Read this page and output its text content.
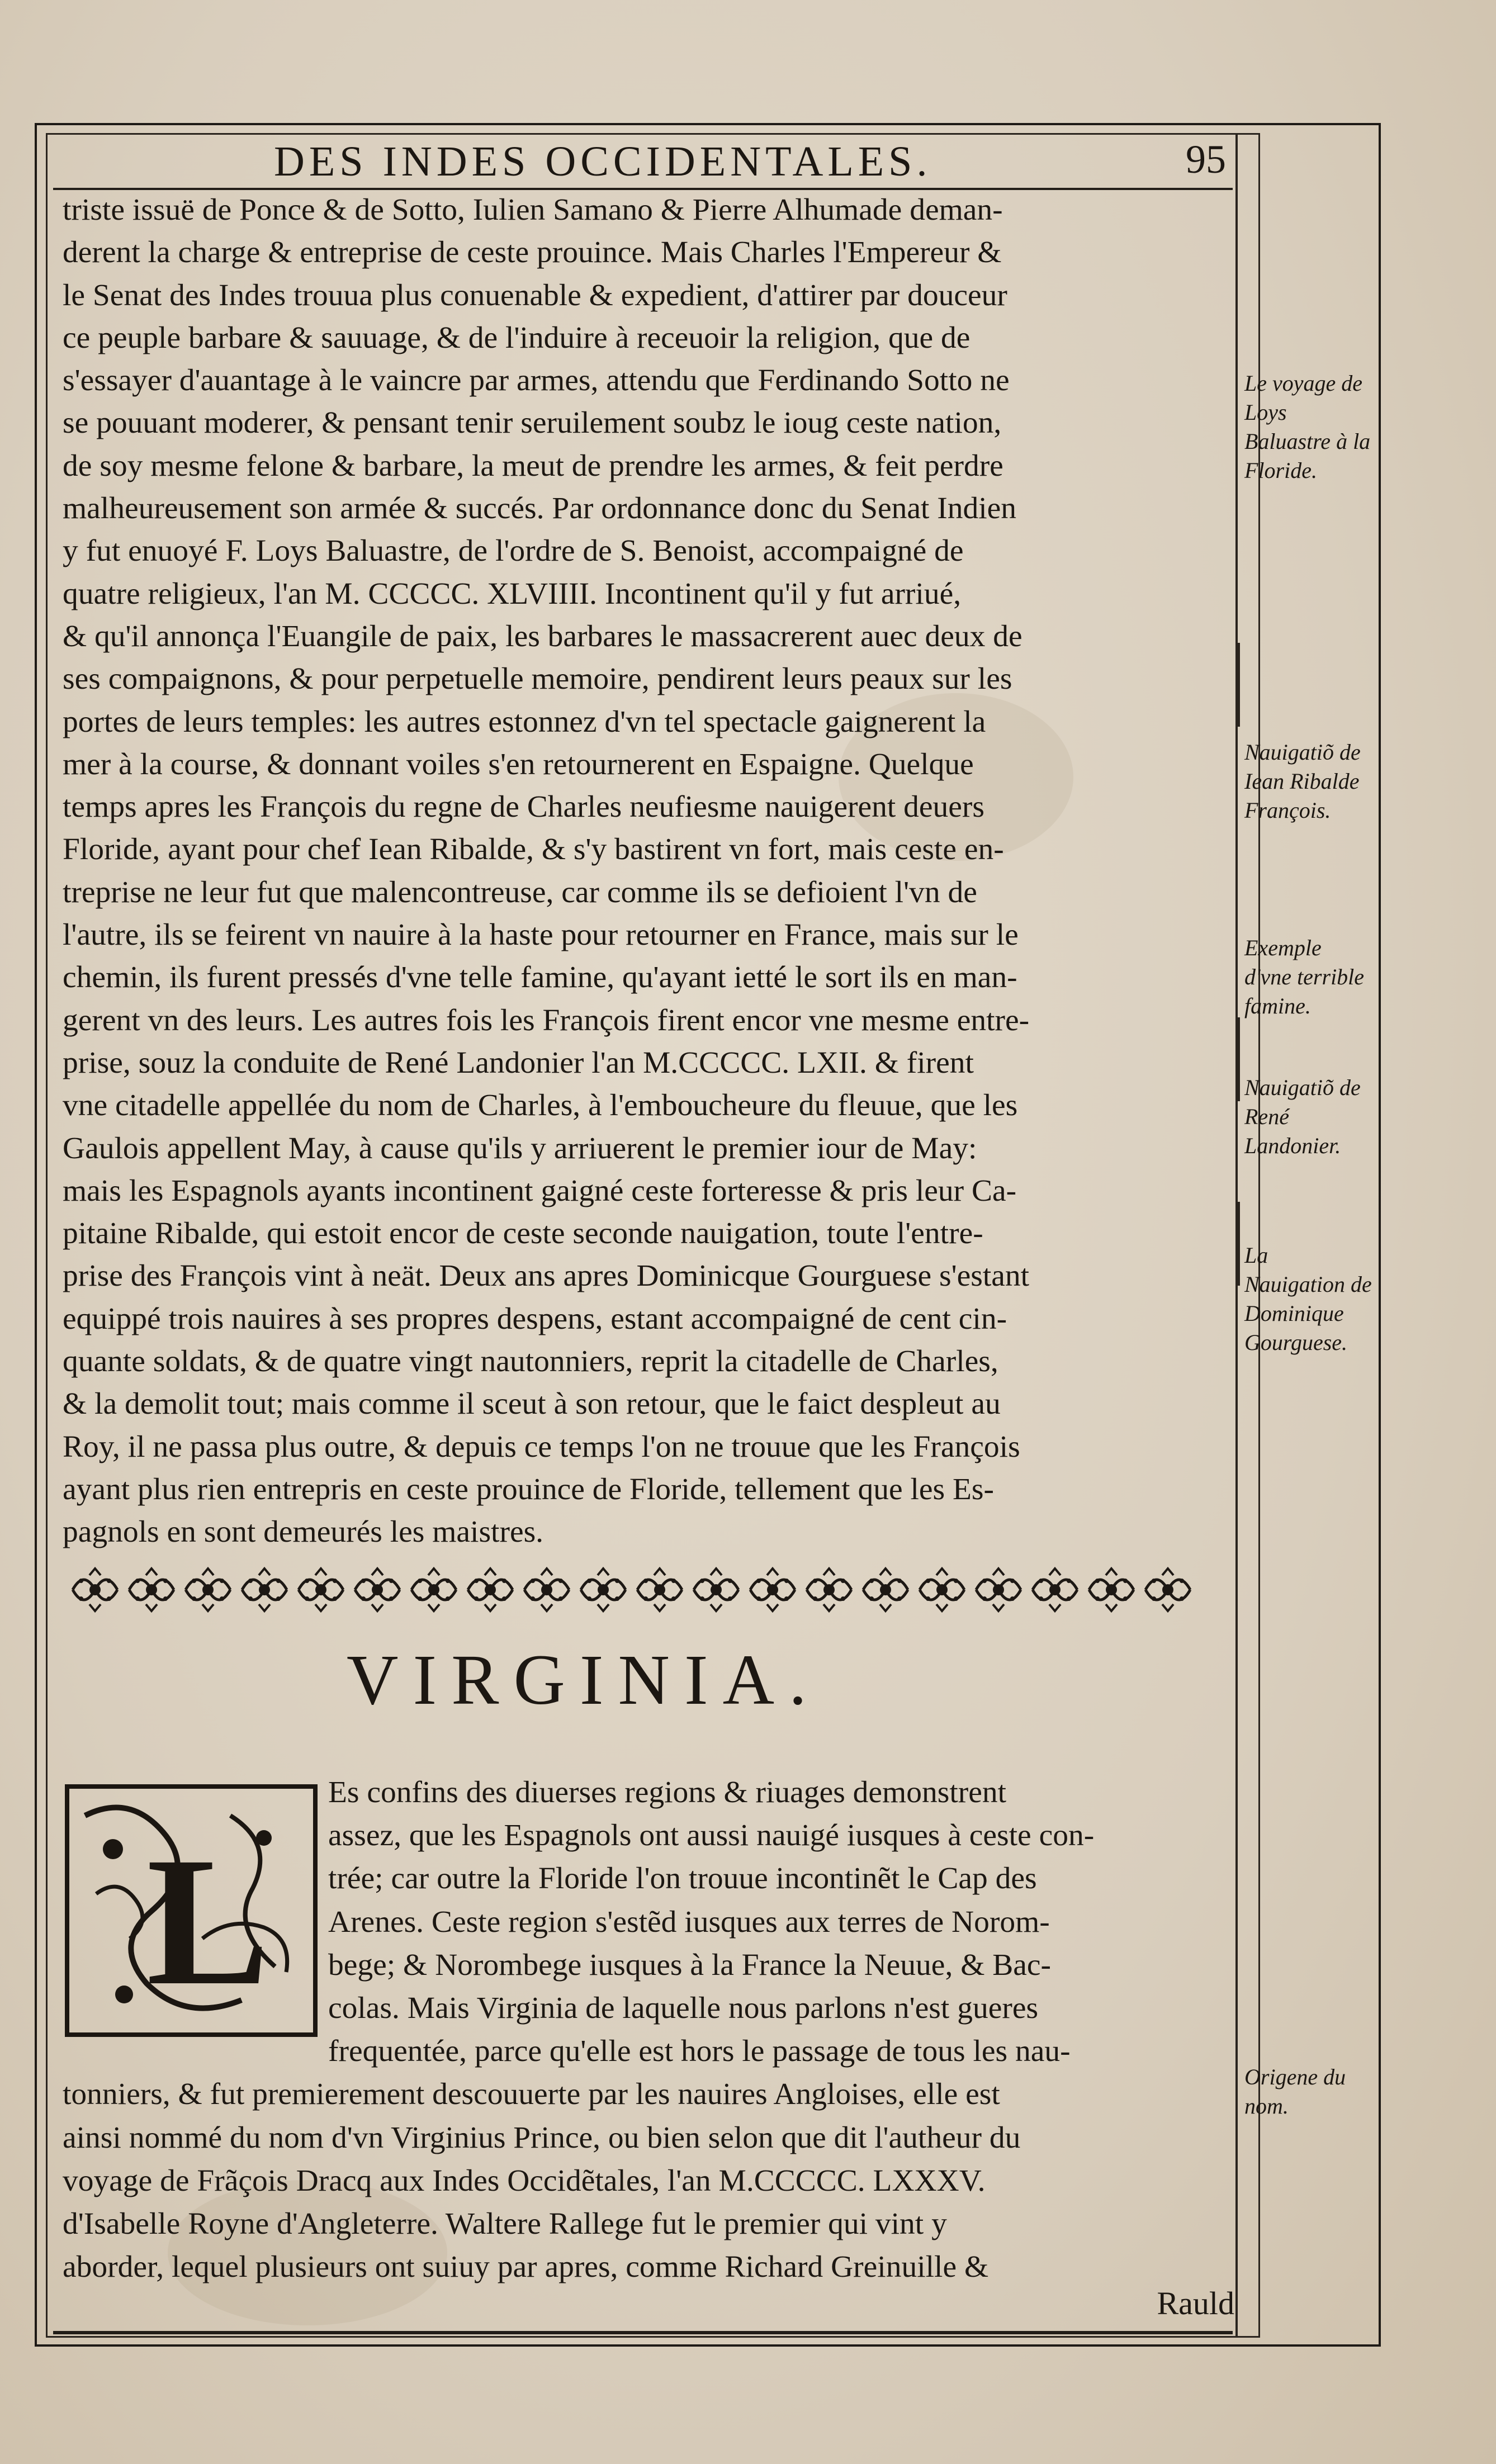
DES INDES OCCIDENTALES.	95

triste issuë de Ponce & de Sotto, Iulien Samano & Pierre Alhumade deman-

derent la charge & entreprise de ceste prouince. Mais Charles l'Empereur &

le Senat des Indes trouua plus conuenable & expedient, d'attirer par douceur

ce peuple barbare & sauuage, & de l'induire à receuoir la religion, que de

s'essayer d'auantage à le vaincre par armes, attendu que Ferdinando Sotto ne

se pouuant moderer, & pensant tenir seruilement soubz le ioug ceste nation,

de soy mesme felone & barbare, la meut de prendre les armes, & feit perdre

malheureusement son armée & succés. Par ordonnance donc du Senat Indien

y fut enuoyé F. Loys Baluastre, de l'ordre de S. Benoist, accompaigné de

quatre religieux, l'an M. CCCCC. XLVIIII. Incontinent qu'il y fut arriué,

& qu'il annonça l'Euangile de paix, les barbares le massacrerent auec deux de

ses compaignons, & pour perpetuelle memoire, pendirent leurs peaux sur les

portes de leurs temples: les autres estonnez d'vn tel spectacle gaignerent la

mer à la course, & donnant voiles s'en retournerent en Espaigne. Quelque

temps apres les François du regne de Charles neufiesme nauigerent deuers

Floride, ayant pour chef Iean Ribalde, & s'y bastirent vn fort, mais ceste en-

treprise ne leur fut que malencontreuse, car comme ils se defioient l'vn de

l'autre, ils se feirent vn nauire à la haste pour retourner en France, mais sur le

chemin, ils furent pressés d'vne telle famine, qu'ayant ietté le sort ils en man-

gerent vn des leurs. Les autres fois les François firent encor vne mesme entre-

prise, souz la conduite de René Landonier l'an M.CCCCC. LXII. & firent

vne citadelle appellée du nom de Charles, à l'emboucheure du fleuue, que les

Gaulois appellent May, à cause qu'ils y arriuerent le premier iour de May:

mais les Espagnols ayants incontinent gaigné ceste forteresse & pris leur Ca-

pitaine Ribalde, qui estoit encor de ceste seconde nauigation, toute l'entre-

prise des François vint à neät. Deux ans apres Dominicque Gourguese s'estant

equippé trois nauires à ses propres despens, estant accompaigné de cent cin-

quante soldats, & de quatre vingt nautonniers, reprit la citadelle de Charles,

& la demolit tout; mais comme il sceut à son retour, que le faict despleut au

Roy, il ne passa plus outre, & depuis ce temps l'on ne trouue que les François

ayant plus rien entrepris en ceste prouince de Floride, tellement que les Es-

pagnols en sont demeurés les maistres.

Le voyage de Loys Baluastre à la Floride.
Nauigatiõ de Iean Ribalde François.
Exemple d'vne terrible famine.
Nauigatiõ de René Landonier.
La Nauigation de Dominique Gourguese.
Origene du nom.
VIRGINIA.
L
Es confins des diuerses regions & riuages demonstrent
assez, que les Espagnols ont aussi nauigé iusques à ceste con-
trée; car outre la Floride l'on trouue incontinẽt le Cap des
Arenes. Ceste region s'estẽd iusques aux terres de Norom-
bege; & Norombege iusques à la France la Neuue, & Bac-
colas. Mais Virginia de laquelle nous parlons n'est gueres
frequentée, parce qu'elle est hors le passage de tous les nau-
tonniers, & fut premierement descouuerte par les nauires Angloises, elle est
ainsi nommé du nom d'vn Virginius Prince, ou bien selon que dit l'autheur du
voyage de Frãçois Dracq aux Indes Occidẽtales, l'an M.CCCCC. LXXXV.
d'Isabelle Royne d'Angleterre. Waltere Rallege fut le premier qui vint y
aborder, lequel plusieurs ont suiuy par apres, comme Richard Greinuille &
Rauld
